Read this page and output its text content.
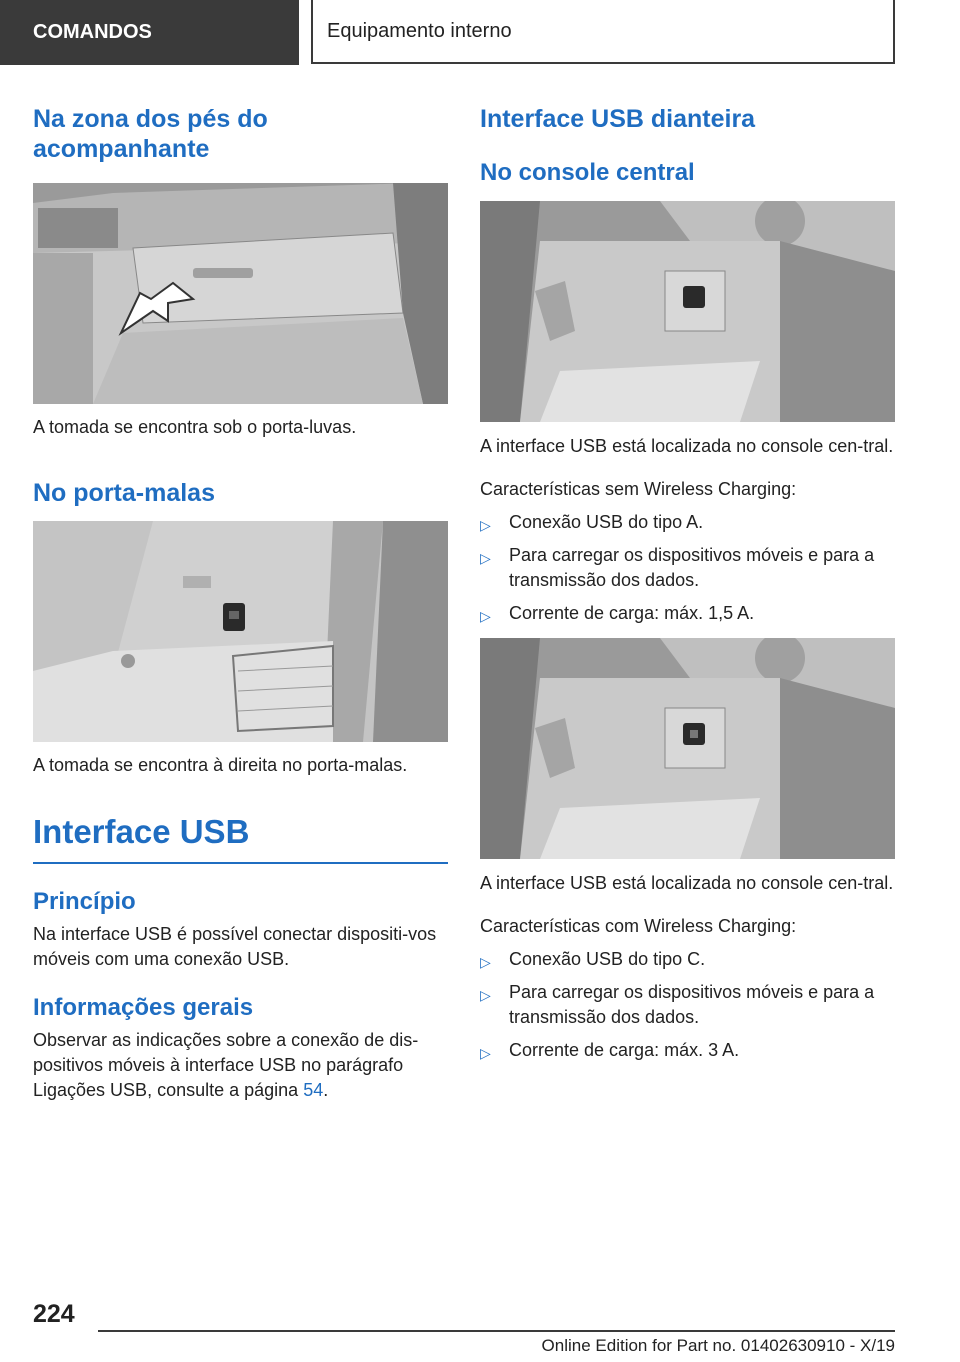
COMANDOS	Equipamento interno
Na zona dos pés do acompanhante

A tomada se encontra sob o porta-luvas.

No porta-malas

A tomada se encontra à direita no porta-malas.

Interface USB
Princípio

Na interface USB é possível conectar dispositi-vos móveis com uma conexão USB.

Informações gerais

Observar as indicações sobre a conexão de dis-positivos móveis à interface USB no parágrafo Ligações USB, consulte a página 54.

Interface USB dianteira
No console central

A interface USB está localizada no console cen-tral.

Características sem Wireless Charging:

▷ Conexão USB do tipo A.
▷ Para carregar os dispositivos móveis e para a transmissão dos dados.
▷ Corrente de carga: máx. 1,5 A.

A interface USB está localizada no console cen-tral.

Características com Wireless Charging:

▷ Conexão USB do tipo C.
▷ Para carregar os dispositivos móveis e para a transmissão dos dados.
▷ Corrente de carga: máx. 3 A.
224
Online Edition for Part no. 01402630910 - X/19
